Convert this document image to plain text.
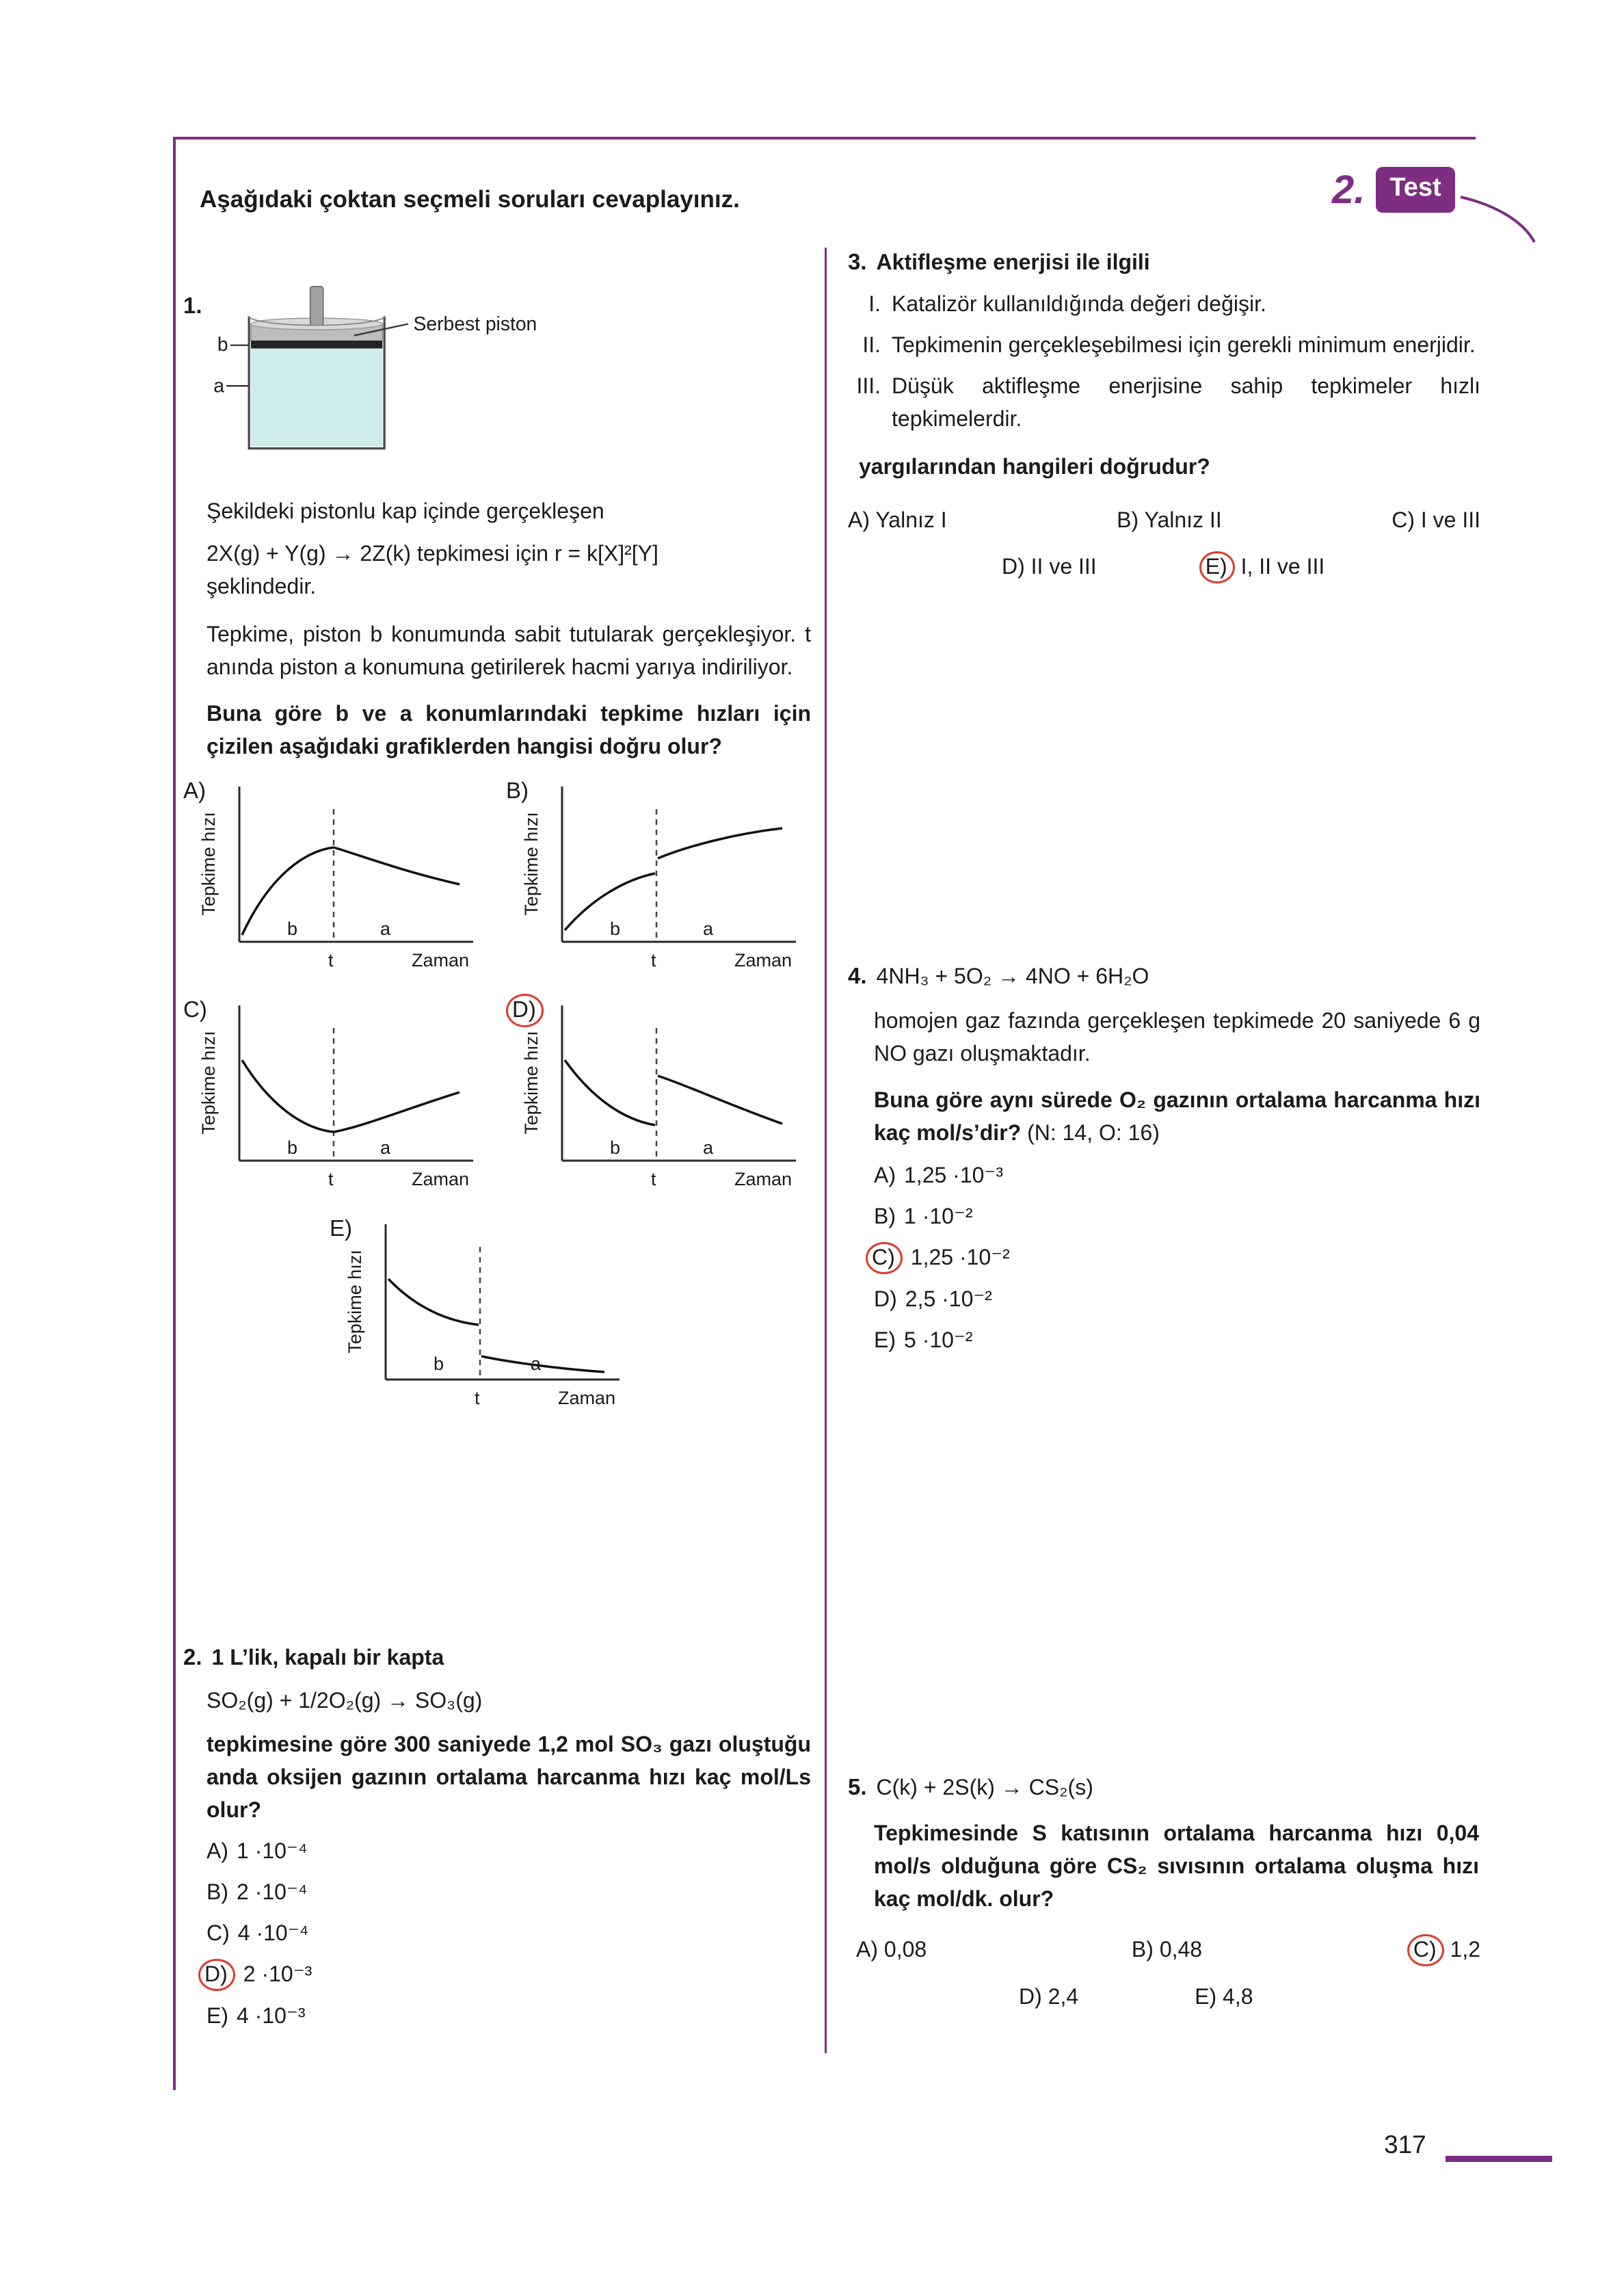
Aşağıdaki çoktan seçmeli soruları cevaplayınız.	2. Test
1.
b
a
Serbest piston

Şekildeki pistonlu kap içinde gerçekleşen

2X(g) + Y(g) → 2Z(k) tepkimesi için r = k[X]²[Y]

şeklindedir.

Tepkime, piston b konumunda sabit tutularak gerçekleşiyor. t anında piston a konumuna getirilerek hacmi yarıya indiriliyor.

Buna göre b ve a konumlarındaki tepkime hızları için çizilen aşağıdaki grafiklerden hangisi doğru olur?

A)
b	a
t	Zaman
Tepkime hızı
B)
b	a
t	Zaman
Tepkime hızı
C)
b	a
t	Zaman
Tepkime hızı
D)
b	a
t	Zaman
Tepkime hızı
E)
b	a
t	Zaman
Tepkime hızı
2. 1 L’lik, kapalı bir kapta

SO₂(g) + 1/2O₂(g) → SO₃(g)

tepkimesine göre 300 saniyede 1,2 mol SO₃ gazı oluştuğu anda oksijen gazının ortalama harcanma hızı kaç mol/Ls olur?

A) 1 ·10⁻⁴
B) 2 ·10⁻⁴
C) 4 ·10⁻⁴
D) 2 ·10⁻³
E) 4 ·10⁻³
3. Aktifleşme enerjisi ile ilgili
I. Katalizör kullanıldığında değeri değişir.
II. Tepkimenin gerçekleşebilmesi için gerekli minimum enerjidir.
III. Düşük aktifleşme enerjisine sahip tepkimeler hızlı tepkimelerdir.

yargılarından hangileri doğrudur?

A) Yalnız I	B) Yalnız II	C) I ve III
D) II ve III	E) I, II ve III
4. 4NH₃ + 5O₂ → 4NO + 6H₂O

homojen gaz fazında gerçekleşen tepkimede 20 saniyede 6 g NO gazı oluşmaktadır.

Buna göre aynı sürede O₂ gazının ortalama harcanma hızı kaç mol/s’dir? (N: 14, O: 16)

A) 1,25 ·10⁻³
B) 1 ·10⁻²
C) 1,25 ·10⁻²
D) 2,5 ·10⁻²
E) 5 ·10⁻²
5. C(k) + 2S(k) → CS₂(s)

Tepkimesinde S katısının ortalama harcanma hızı 0,04 mol/s olduğuna göre CS₂ sıvısının ortalama oluşma hızı kaç mol/dk. olur?

A) 0,08	B) 0,48	C) 1,2
D) 2,4	E) 4,8
317
